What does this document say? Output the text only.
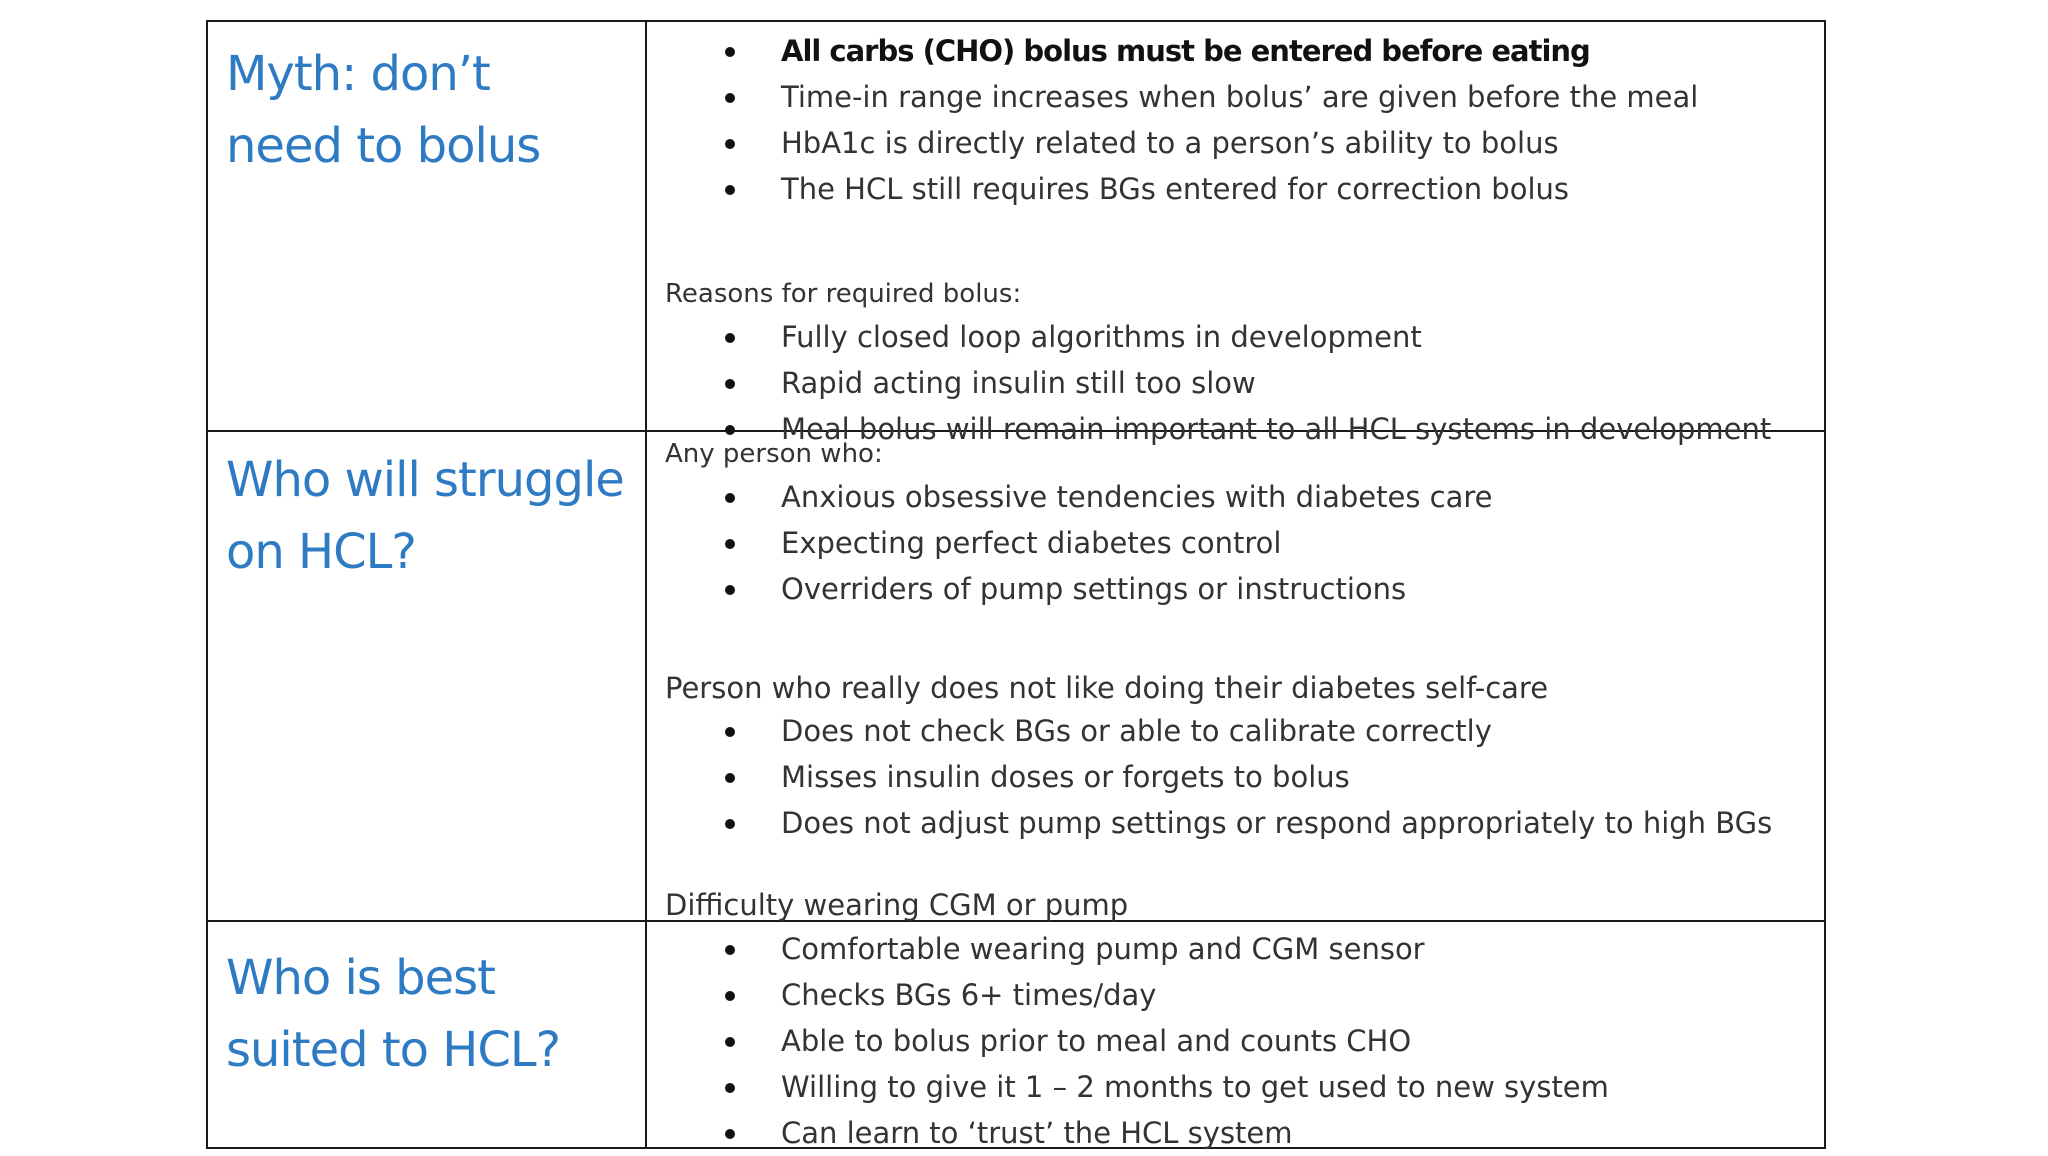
Myth: don’t
need to bolus
All carbs (CHO) bolus must be entered before eating
Time-in range increases when bolus’ are given before the meal
HbA1c is directly related to a person’s ability to bolus
The HCL still requires BGs entered for correction bolus

Reasons for required bolus:

Fully closed loop algorithms in development
Rapid acting insulin still too slow
Meal bolus will remain important to all HCL systems in development
Who will struggle
on HCL?

Any person who:

Anxious obsessive tendencies with diabetes care
Expecting perfect diabetes control
Overriders of pump settings or instructions

Person who really does not like doing their diabetes self-care

Does not check BGs or able to calibrate correctly
Misses insulin doses or forgets to bolus
Does not adjust pump settings or respond appropriately to high BGs

Difficulty wearing CGM or pump

Who is best
suited to HCL?
Comfortable wearing pump and CGM sensor
Checks BGs 6+ times/day
Able to bolus prior to meal and counts CHO
Willing to give it 1 – 2 months to get used to new system
Can learn to ‘trust’ the HCL system
